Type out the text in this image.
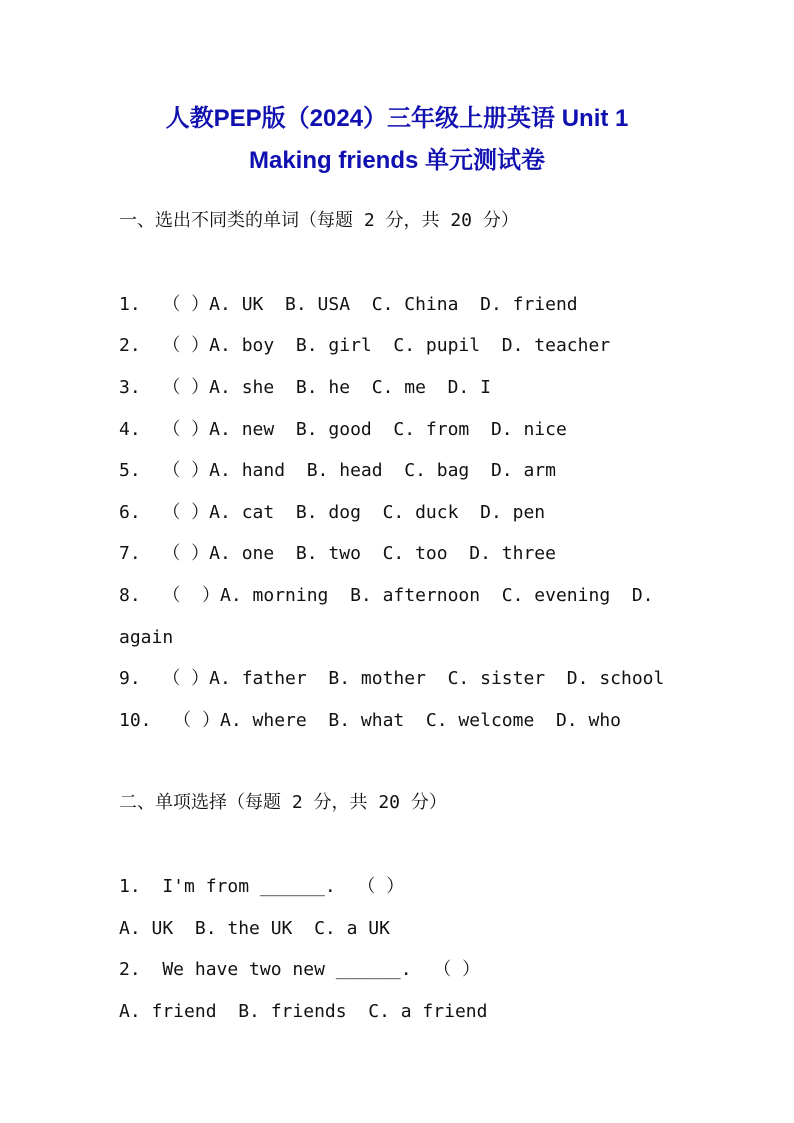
人教PEP版（2024）三年级上册英语 Unit 1
Making friends 单元测试卷
一、选出不同类的单词（每题 2 分，共 20 分）
1.  （ ）A. UK  B. USA  C. China  D. friend
2.  （ ）A. boy  B. girl  C. pupil  D. teacher
3.  （ ）A. she  B. he  C. me  D. I
4.  （ ）A. new  B. good  C. from  D. nice
5.  （ ）A. hand  B. head  C. bag  D. arm
6.  （ ）A. cat  B. dog  C. duck  D. pen
7.  （ ）A. one  B. two  C. too  D. three
8.  （  ）A. morning  B. afternoon  C. evening  D.
again
9.  （ ）A. father  B. mother  C. sister  D. school
10.  （ ）A. where  B. what  C. welcome  D. who
二、单项选择（每题 2 分，共 20 分）
1.  I'm from ______.  （ ）
A. UK  B. the UK  C. a UK
2.  We have two new ______.  （ ）
A. friend  B. friends  C. a friend
